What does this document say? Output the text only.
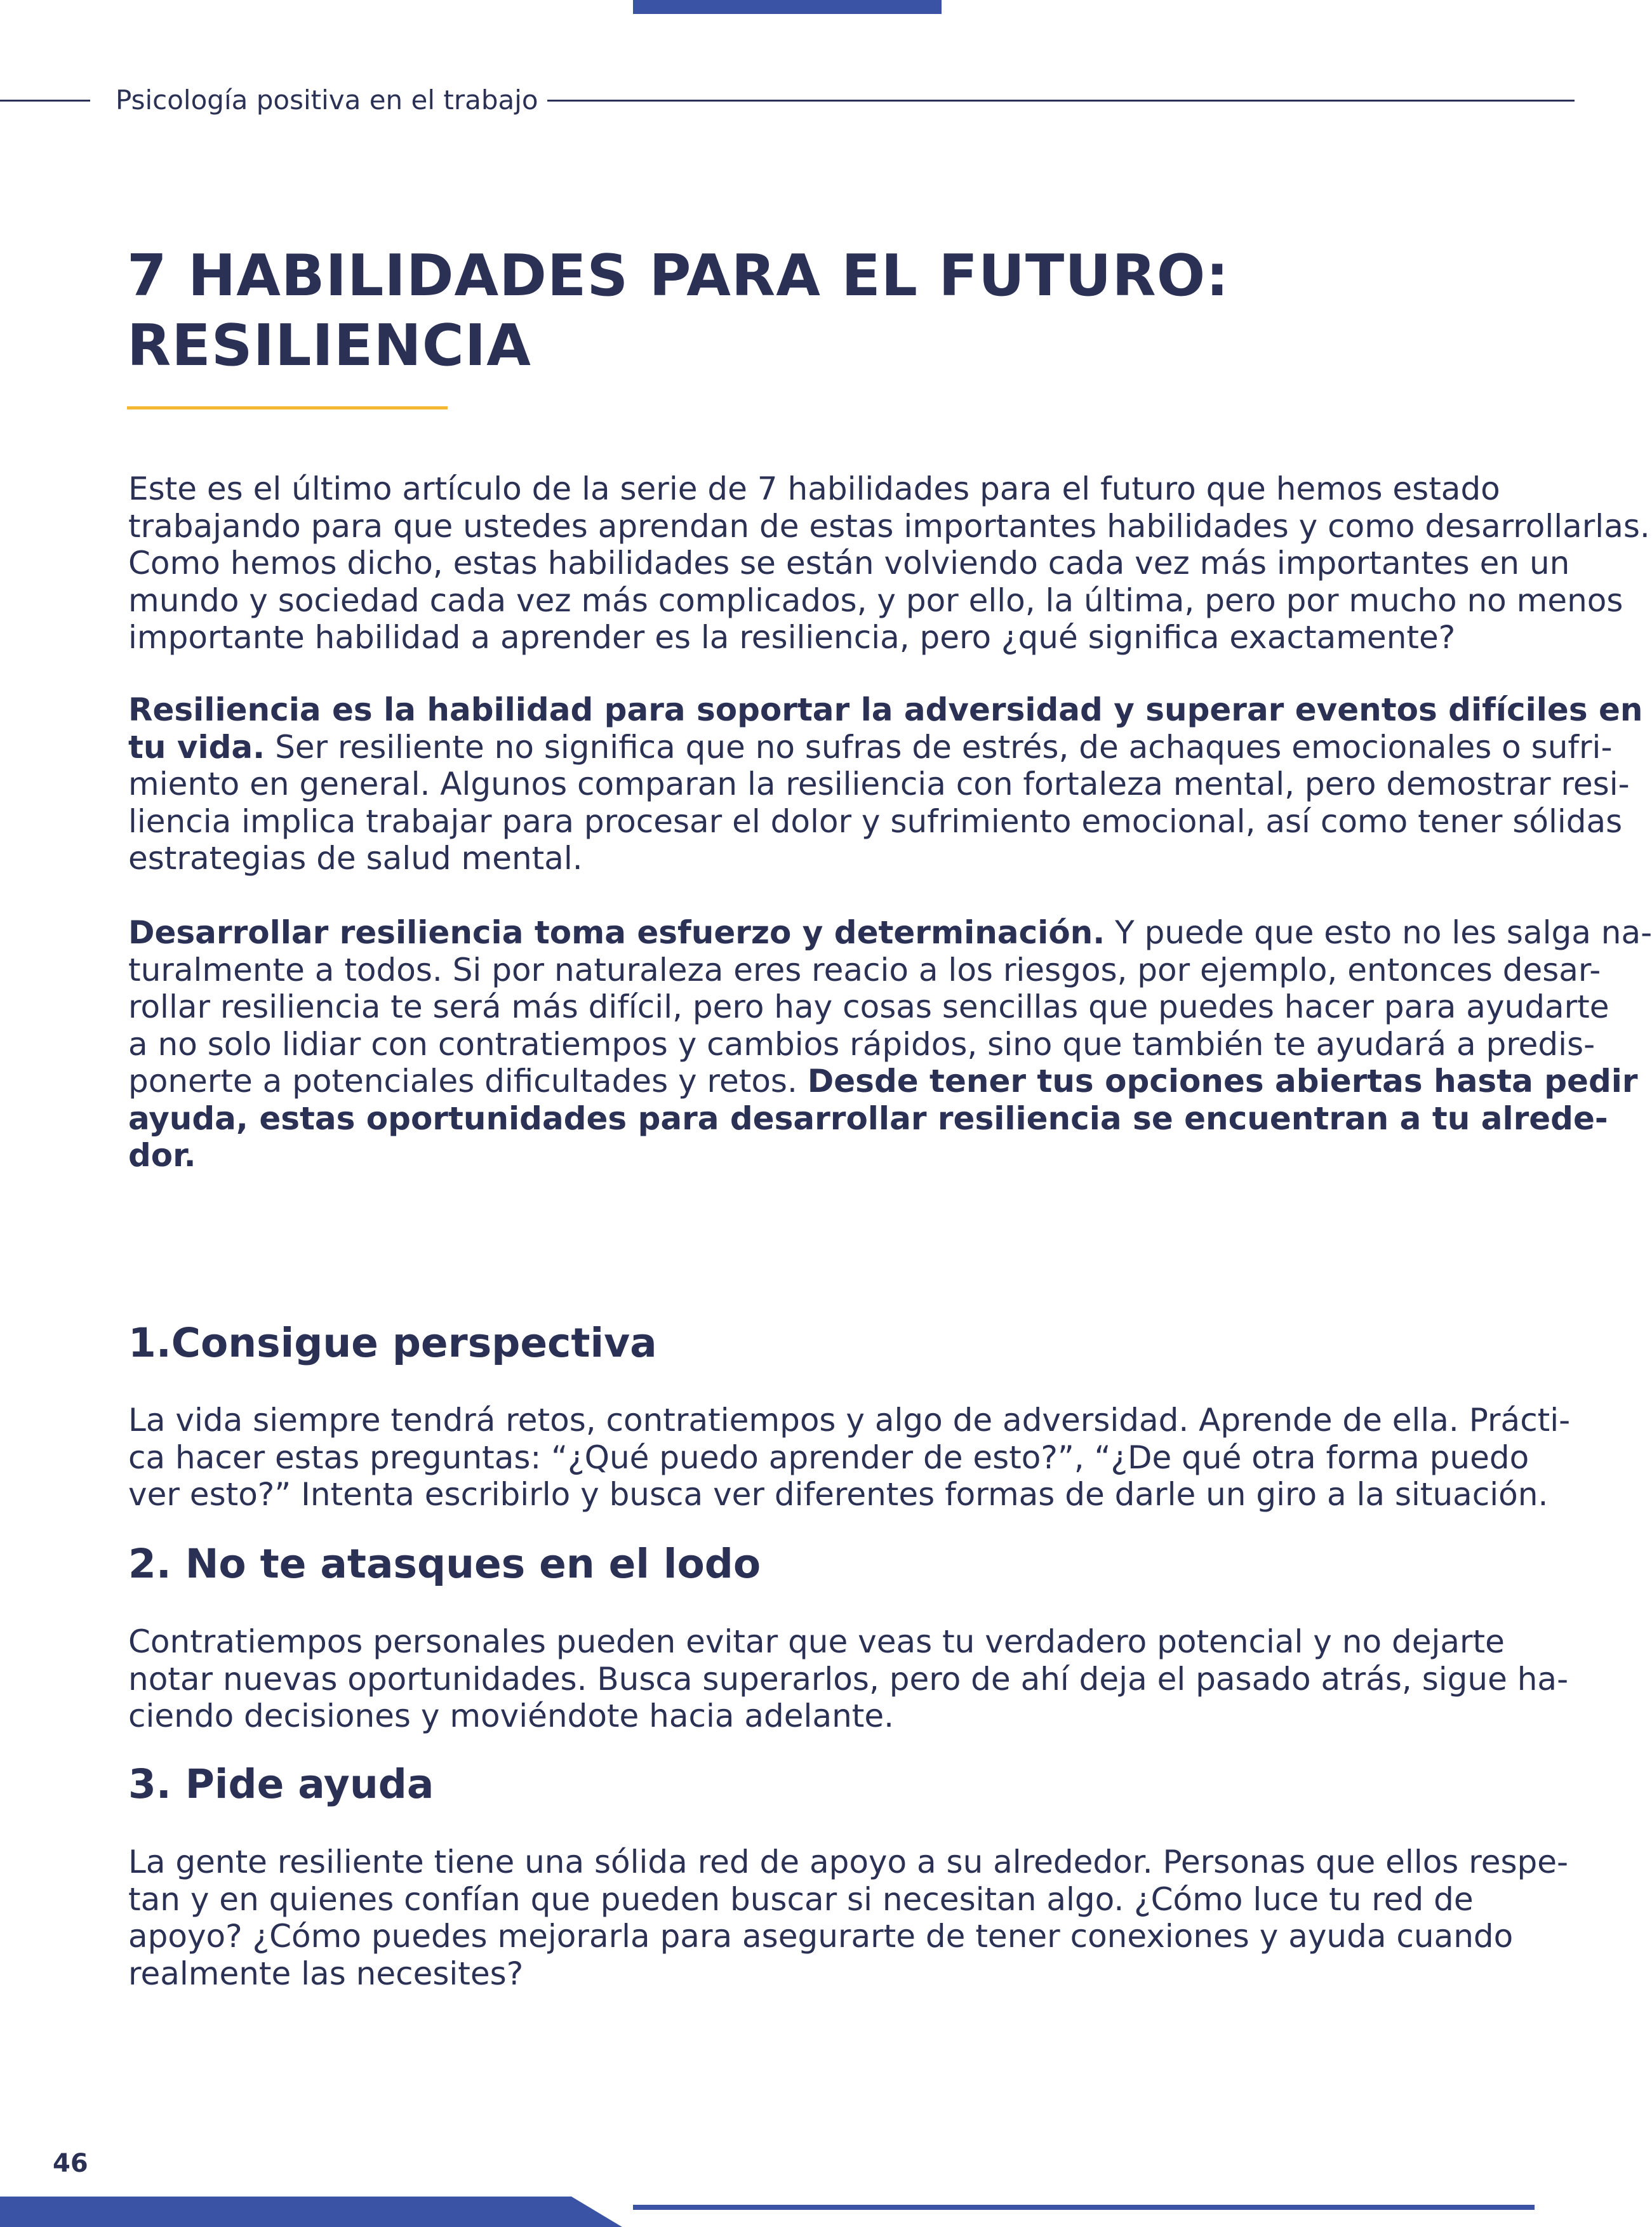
Psicología positiva en el trabajo
7 HABILIDADES PARA EL FUTURO:
RESILIENCIA
Este es el último artículo de la serie de 7 habilidades para el futuro que hemos estado
trabajando para que ustedes aprendan de estas importantes habilidades y como desarrollarlas.
Como hemos dicho, estas habilidades se están volviendo cada vez más importantes en un
mundo y sociedad cada vez más complicados, y por ello, la última, pero por mucho no menos
importante habilidad a aprender es la resiliencia, pero ¿qué significa exactamente?
Resiliencia es la habilidad para soportar la adversidad y superar eventos difíciles en
tu vida. Ser resiliente no significa que no sufras de estrés, de achaques emocionales o sufri-
miento en general. Algunos comparan la resiliencia con fortaleza mental, pero demostrar resi-
liencia implica trabajar para procesar el dolor y sufrimiento emocional, así como tener sólidas
estrategias de salud mental.
Desarrollar resiliencia toma esfuerzo y determinación. Y puede que esto no les salga na-
turalmente a todos. Si por naturaleza eres reacio a los riesgos, por ejemplo, entonces desar-
rollar resiliencia te será más difícil, pero hay cosas sencillas que puedes hacer para ayudarte
a no solo lidiar con contratiempos y cambios rápidos, sino que también te ayudará a predis-
ponerte a potenciales dificultades y retos. Desde tener tus opciones abiertas hasta pedir
ayuda, estas oportunidades para desarrollar resiliencia se encuentran a tu alrede-
dor.
1.Consigue perspectiva
La vida siempre tendrá retos, contratiempos y algo de adversidad. Aprende de ella. Prácti-
ca hacer estas preguntas: “¿Qué puedo aprender de esto?”, “¿De qué otra forma puedo
ver esto?” Intenta escribirlo y busca ver diferentes formas de darle un giro a la situación.
2. No te atasques en el lodo
Contratiempos personales pueden evitar que veas tu verdadero potencial y no dejarte
notar nuevas oportunidades. Busca superarlos, pero de ahí deja el pasado atrás, sigue ha-
ciendo decisiones y moviéndote hacia adelante.
3. Pide ayuda
La gente resiliente tiene una sólida red de apoyo a su alrededor. Personas que ellos respe-
tan y en quienes confían que pueden buscar si necesitan algo. ¿Cómo luce tu red de
apoyo? ¿Cómo puedes mejorarla para asegurarte de tener conexiones y ayuda cuando
realmente las necesites?
46
